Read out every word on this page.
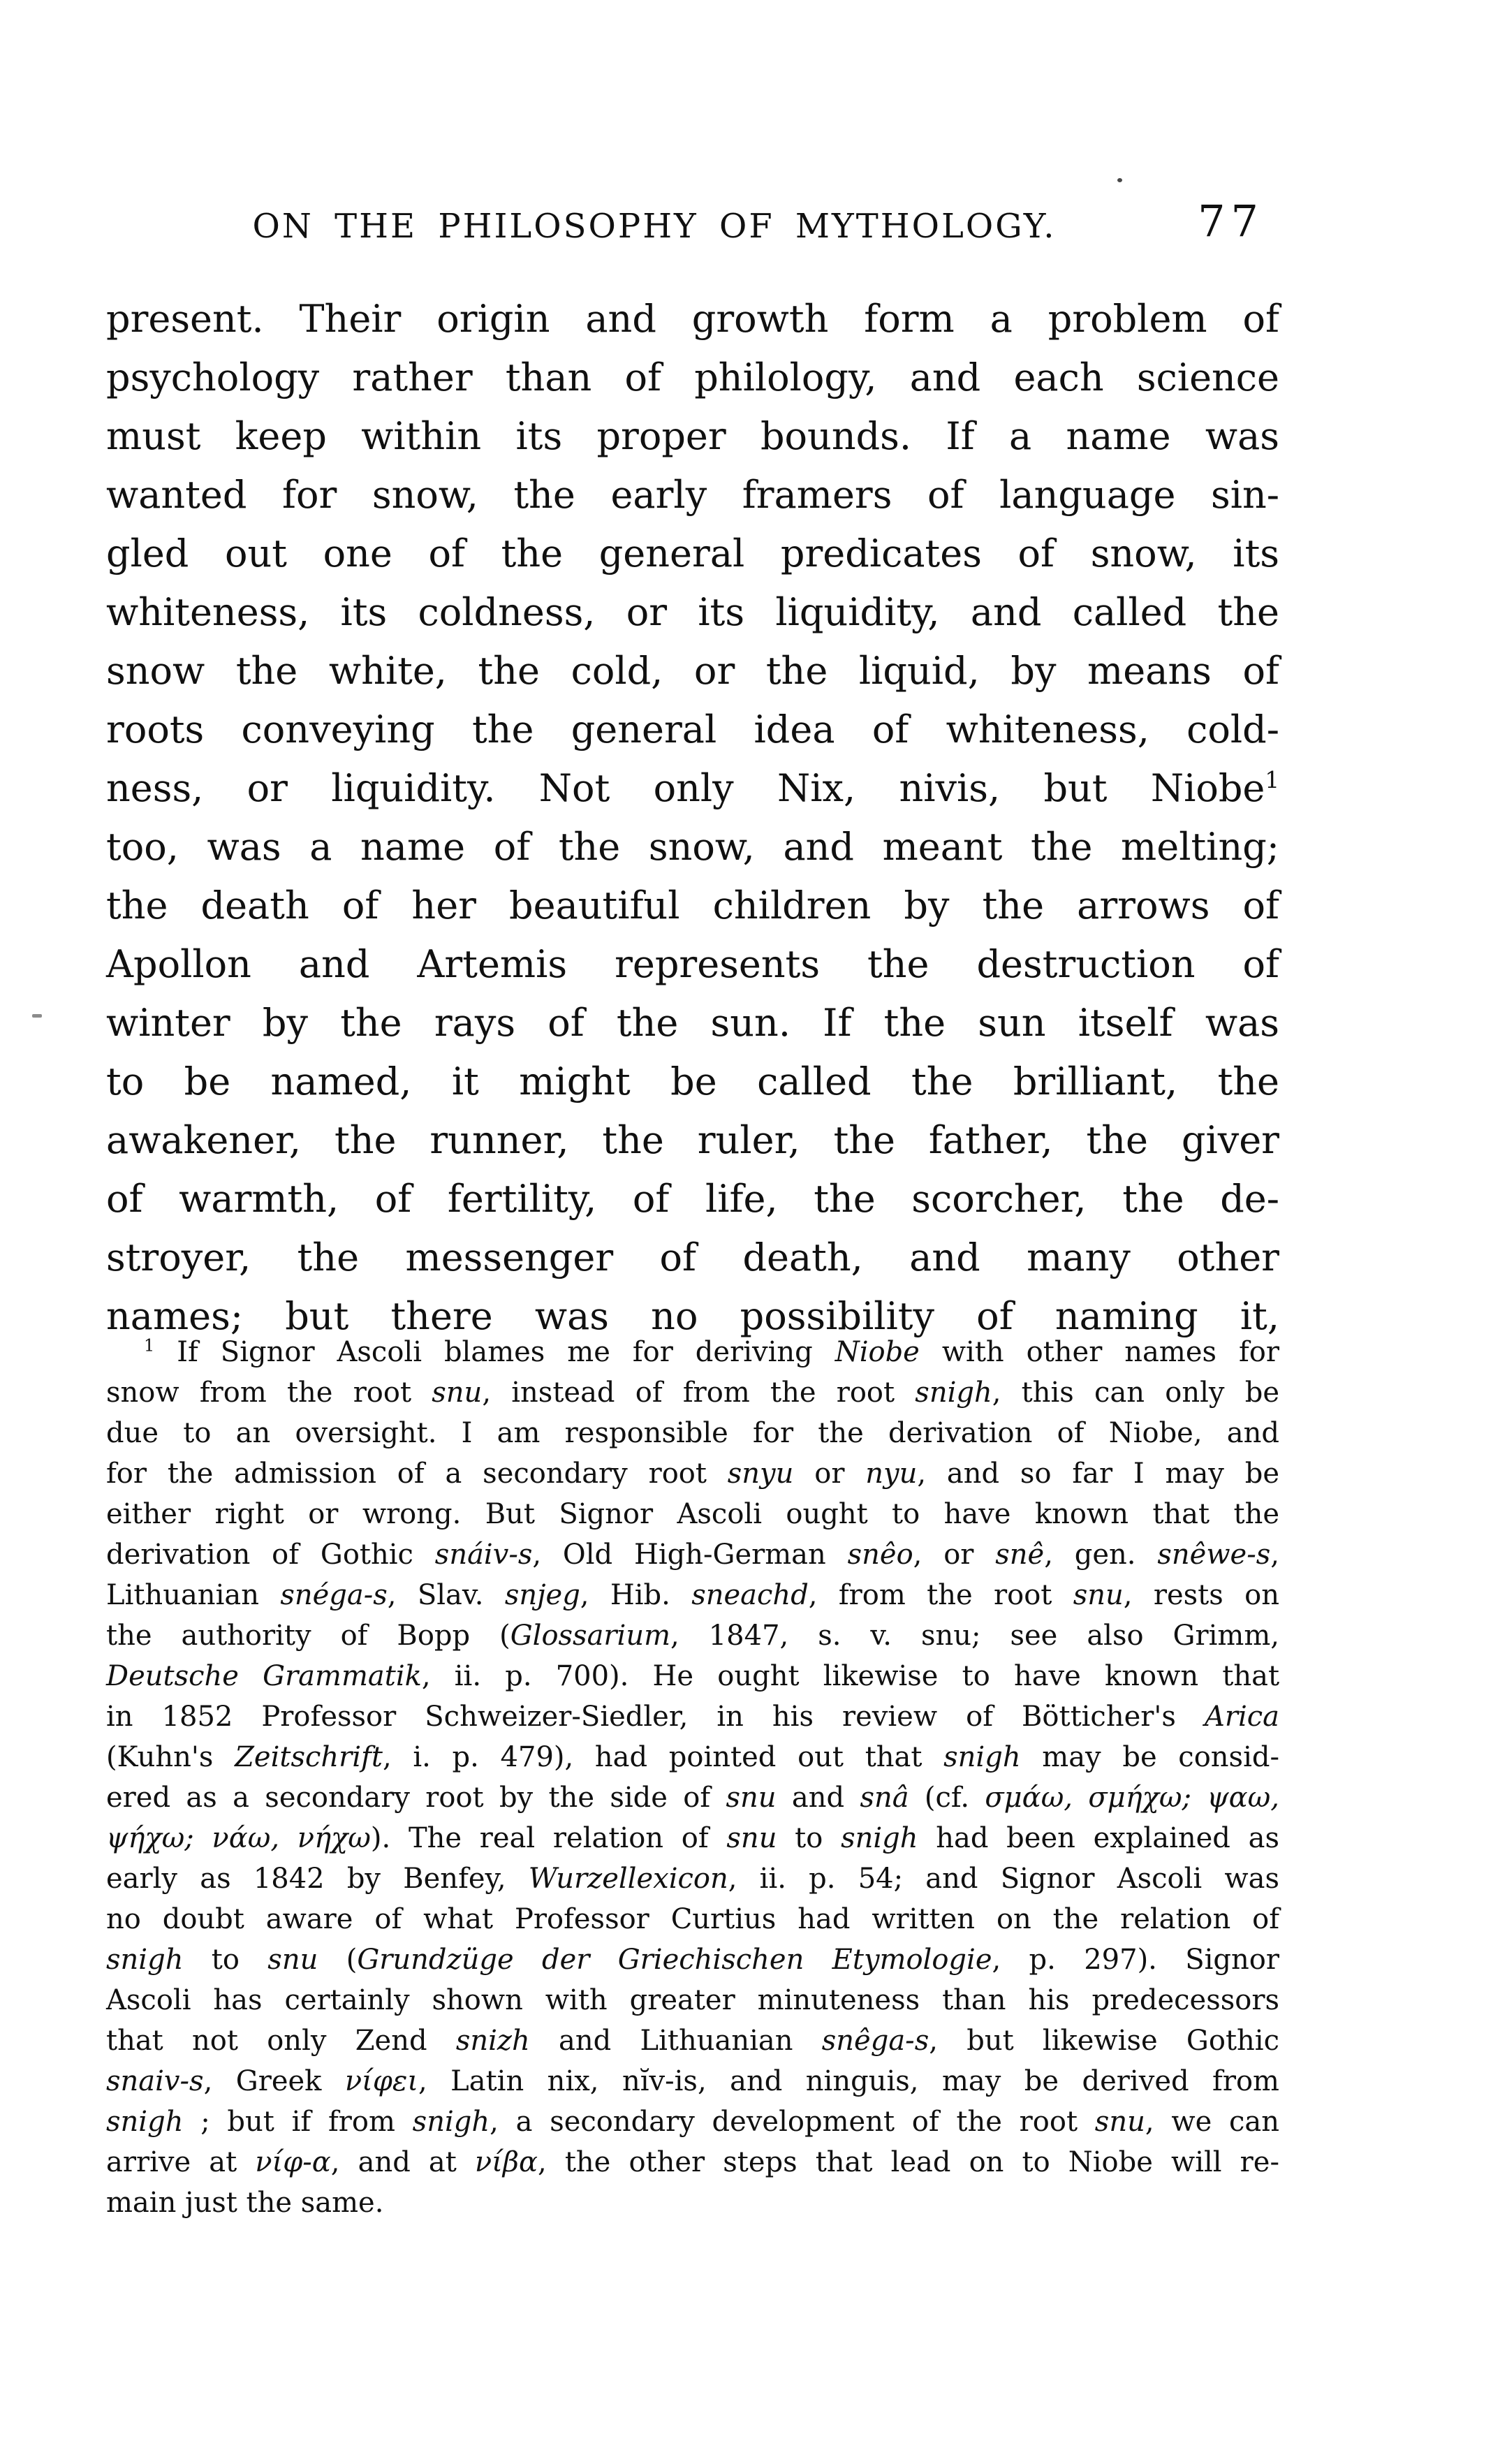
ON THE PHILOSOPHY OF MYTHOLOGY.	77
present. Their origin and growth form a problem of
psychology rather than of philology, and each science
must keep within its proper bounds. If a name was
wanted for snow, the early framers of language sin-
gled out one of the general predicates of snow, its
whiteness, its coldness, or its liquidity, and called the
snow the white, the cold, or the liquid, by means of
roots conveying the general idea of whiteness, cold-
ness, or liquidity. Not only Nix, nivis, but Niobe$^1$
too, was a name of the snow, and meant the melting;
the death of her beautiful children by the arrows of
Apollon and Artemis represents the destruction of
winter by the rays of the sun. If the sun itself was
to be named, it might be called the brilliant, the
awakener, the runner, the ruler, the father, the giver
of warmth, of fertility, of life, the scorcher, the de-
stroyer, the messenger of death, and many other
names; but there was no possibility of naming it,
$^1$ If Signor Ascoli blames me for deriving Niobe with other names for
snow from the root snu, instead of from the root snigh, this can only be
due to an oversight. I am responsible for the derivation of Niobe, and
for the admission of a secondary root snyu or nyu, and so far I may be
either right or wrong. But Signor Ascoli ought to have known that the
derivation of Gothic snáiv-s, Old High-German snêo, or snê, gen. snêwe-s,
Lithuanian snéga-s, Slav. snjeg, Hib. sneachd, from the root snu, rests on
the authority of Bopp (Glossarium, 1847, s. v. snu; see also Grimm,
Deutsche Grammatik, ii. p. 700). He ought likewise to have known that
in 1852 Professor Schweizer-Siedler, in his review of Bötticher's Arica
(Kuhn's Zeitschrift, i. p. 479), had pointed out that snigh may be consid-
ered as a secondary root by the side of snu and snâ (cf. σμάω, σμήχω; ψαω,
ψήχω; νάω, νήχω). The real relation of snu to snigh had been explained as
early as 1842 by Benfey, Wurzellexicon, ii. p. 54; and Signor Ascoli was
no doubt aware of what Professor Curtius had written on the relation of
snigh to snu (Grundzüge der Griechischen Etymologie, p. 297). Signor
Ascoli has certainly shown with greater minuteness than his predecessors
that not only Zend snizh and Lithuanian snêga-s, but likewise Gothic
snaiv-s, Greek νίφει, Latin nix, nĭv-is, and ninguis, may be derived from
snigh ; but if from snigh, a secondary development of the root snu, we can
arrive at νίφ-α, and at νίβα, the other steps that lead on to Niobe will re-
main just the same.
